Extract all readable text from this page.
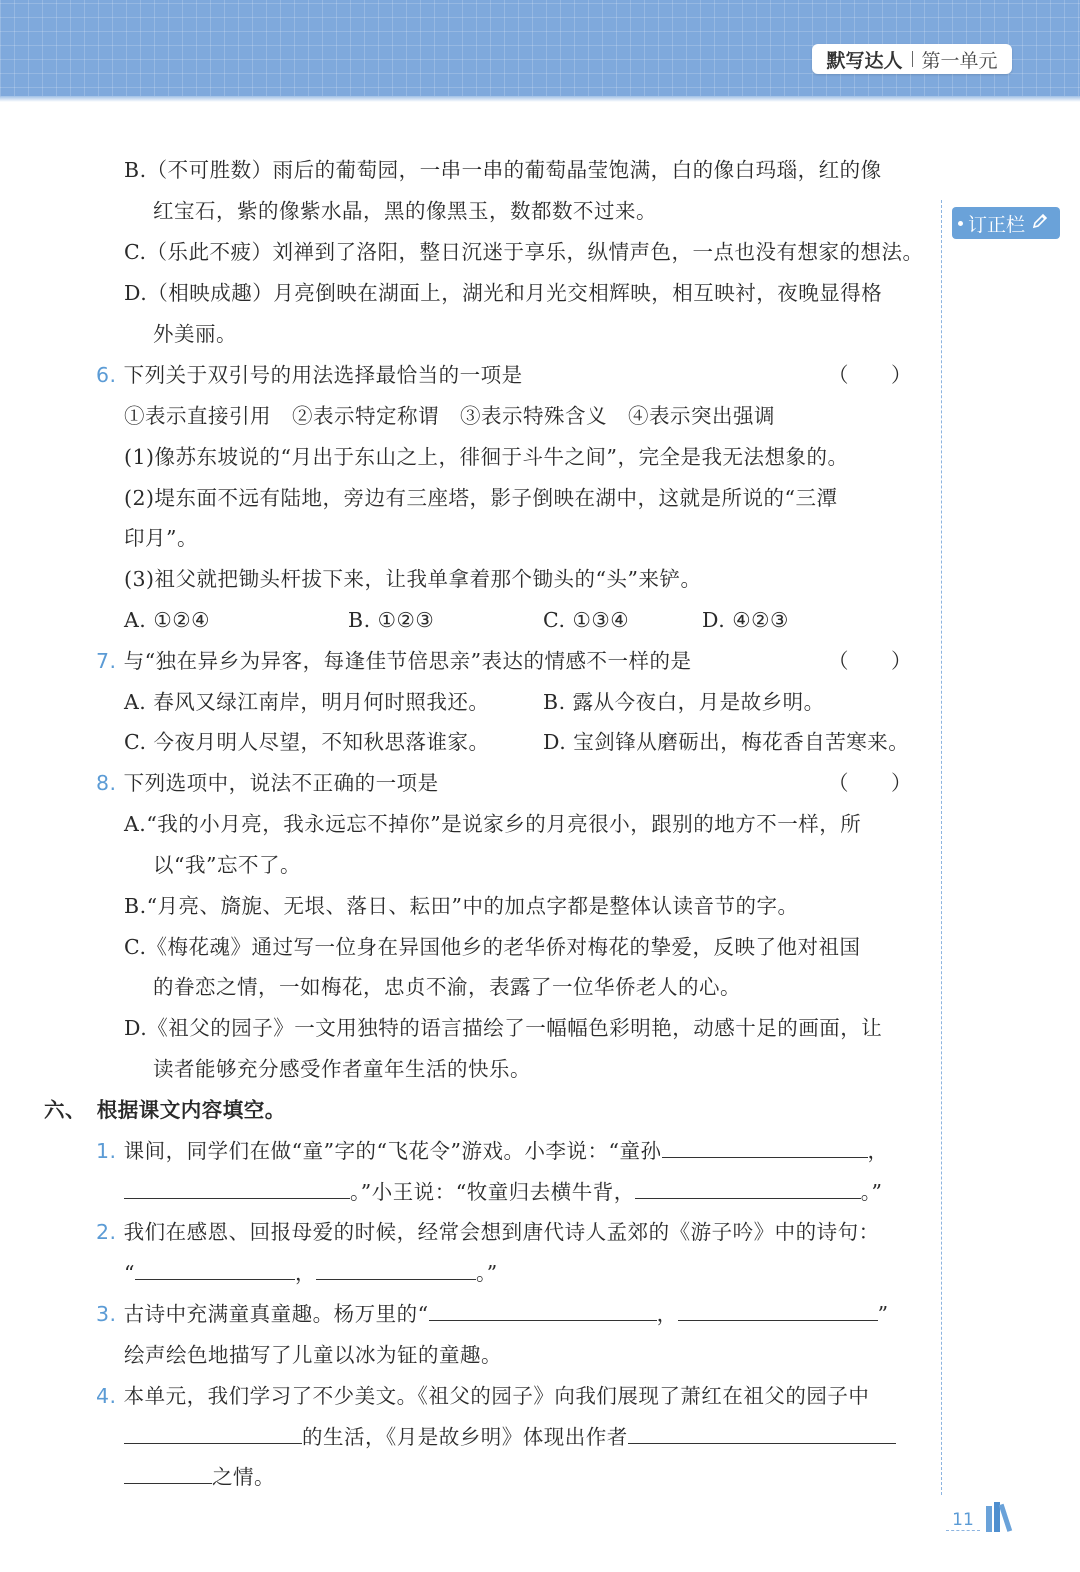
默写达人 第一单元
订正栏
B.（不可胜数）雨后的葡萄园，一串一串的葡萄晶莹饱满，白的像白玛瑙，红的像
红宝石，紫的像紫水晶，黑的像黑玉，数都数不过来。
C.（乐此不疲）刘禅到了洛阳，整日沉迷于享乐，纵情声色，一点也没有想家的想法。
D.（相映成趣）月亮倒映在湖面上，湖光和月光交相辉映，相互映衬，夜晚显得格
外美丽。
6. 下列关于双引号的用法选择最恰当的一项是	（　　）
①表示直接引用　②表示特定称谓　③表示特殊含义　④表示突出强调
(1)像苏东坡说的“月出于东山之上，徘徊于斗牛之间”，完全是我无法想象的。
(2)堤东面不远有陆地，旁边有三座塔，影子倒映在湖中，这就是所说的“三潭
印月”。
(3)祖父就把锄头杆拔下来，让我单拿着那个锄头的“头”来铲。
A. ①②④	B. ①②③	C. ①③④	D. ④②③
7. 与“独在异乡为异客，每逢佳节倍思亲”表达的情感不一样的是	（　　）
A. 春风又绿江南岸，明月何时照我还。	B. 露从今夜白，月是故乡明。
C. 今夜月明人尽望，不知秋思落谁家。	D. 宝剑锋从磨砺出，梅花香自苦寒来。
8. 下列选项中，说法不正确的一项是	（　　）
A.“我的小月亮，我永远忘不掉你”是说家乡的月亮很小，跟别的地方不一样，所
以“我”忘不了。
B.“月亮、旖旎、无垠、落日、耘田”中的加点字都是整体认读音节的字。
C.《梅花魂》通过写一位身在异国他乡的老华侨对梅花的挚爱，反映了他对祖国
的眷恋之情，一如梅花，忠贞不渝，表露了一位华侨老人的心。
D.《祖父的园子》一文用独特的语言描绘了一幅幅色彩明艳，动感十足的画面，让
读者能够充分感受作者童年生活的快乐。
六、　根据课文内容填空。
1. 课间，同学们在做“童”字的“飞花令”游戏。小李说：“童孙	，
。”小王说：“牧童归去横牛背，	。”
2. 我们在感恩、回报母爱的时候，经常会想到唐代诗人孟郊的《游子吟》中的诗句：
“	，	。”
3. 古诗中充满童真童趣。杨万里的“	，	”
绘声绘色地描写了儿童以冰为钲的童趣。
4. 本单元，我们学习了不少美文。《祖父的园子》向我们展现了萧红在祖父的园子中
的生活，《月是故乡明》体现出作者
之情。
11
